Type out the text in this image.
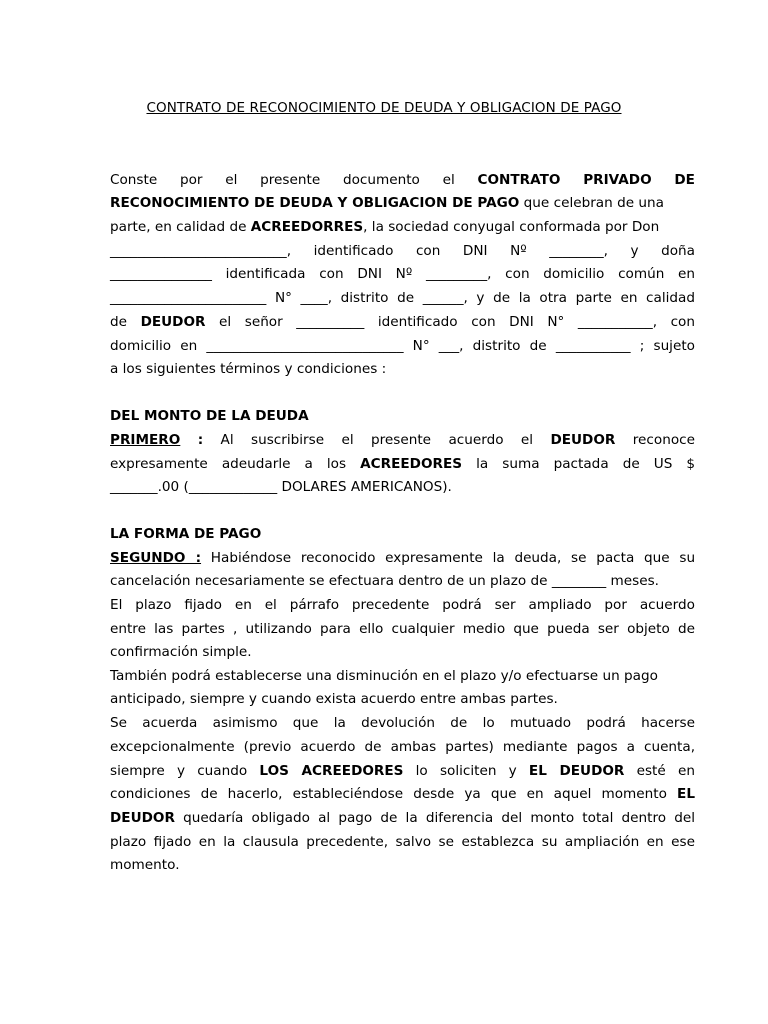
CONTRATO DE RECONOCIMIENTO DE DEUDA Y OBLIGACION DE PAGO
Conste por el presente documento el CONTRATO PRIVADO DE
RECONOCIMIENTO DE DEUDA Y OBLIGACION DE PAGO que celebran de una
parte, en calidad de ACREEDORRES, la sociedad conyugal conformada por Don
__________________________, identificado con DNI Nº ________, y doña
_______________ identificada con DNI Nº _________, con domicilio común en
_______________________ N° ____, distrito de ______, y de la otra parte en calidad
de DEUDOR el señor __________ identificado con DNI N° ___________, con
domicilio en _____________________________ N° ___, distrito de ___________ ; sujeto
a los siguientes términos y condiciones :
DEL MONTO DE LA DEUDA
PRIMERO : Al suscribirse el presente acuerdo el DEUDOR reconoce
expresamente adeudarle a los ACREEDORES la suma pactada de US $
_______.00 (_____________ DOLARES AMERICANOS).
LA FORMA DE PAGO
SEGUNDO : Habiéndose reconocido expresamente la deuda, se pacta que su
cancelación necesariamente se efectuara dentro de un plazo de ________ meses.
El plazo fijado en el párrafo precedente podrá ser ampliado por acuerdo
entre las partes , utilizando para ello cualquier medio que pueda ser objeto de
confirmación simple.
También podrá establecerse una disminución en el plazo y/o efectuarse un pago
anticipado, siempre y cuando exista acuerdo entre ambas partes.
Se acuerda asimismo que la devolución de lo mutuado podrá hacerse
excepcionalmente (previo acuerdo de ambas partes) mediante pagos a cuenta,
siempre y cuando LOS ACREEDORES lo soliciten y EL DEUDOR esté en
condiciones de hacerlo, estableciéndose desde ya que en aquel momento EL
DEUDOR quedaría obligado al pago de la diferencia del monto total dentro del
plazo fijado en la clausula precedente, salvo se establezca su ampliación en ese
momento.
